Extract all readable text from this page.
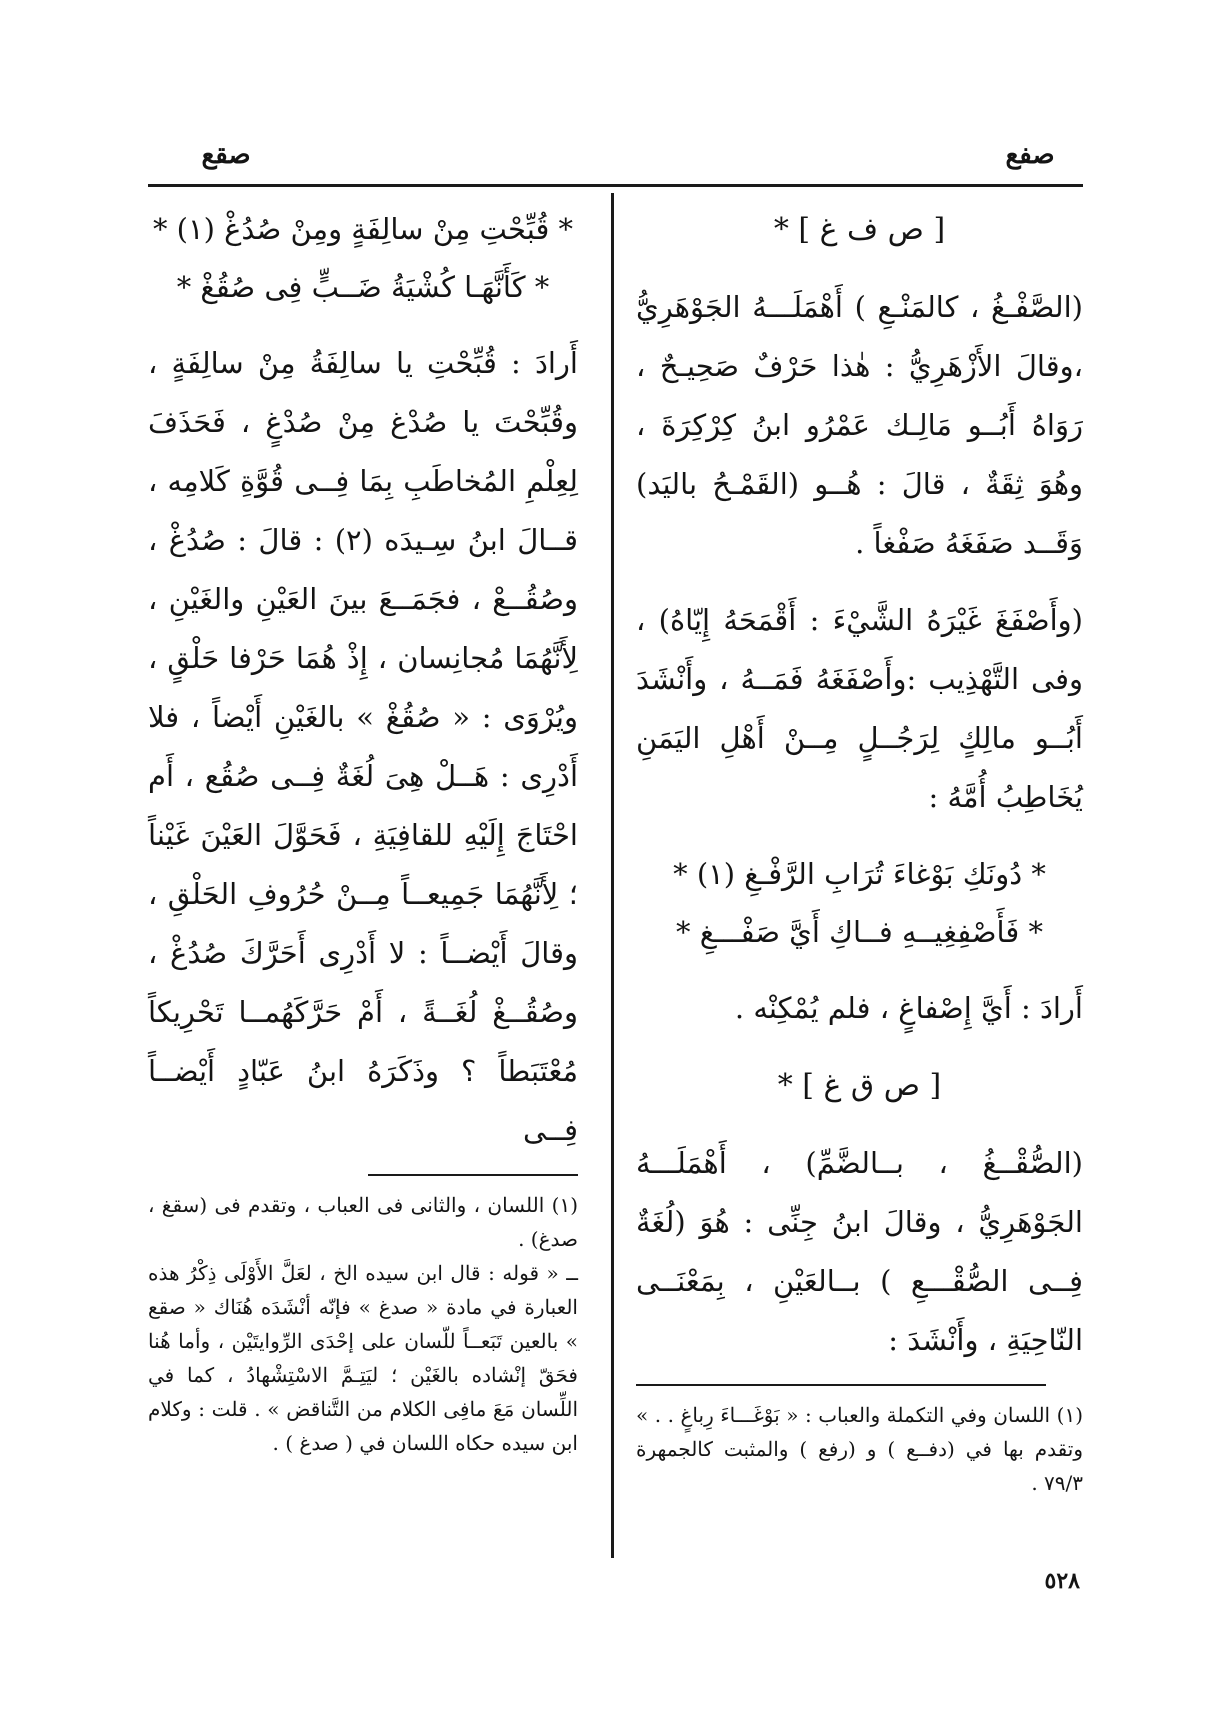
صفع
صقع

[ ص ف غ ] *

(الصَّفْـغُ ، كالمَنْـعِ ) أَهْمَلَـــهُ الجَوْهَرِيُّ ،وقالَ الأَزْهَرِيُّ : هٰذا حَرْفٌ صَحِيـحٌ ، رَوَاهُ أَبُــو مَالِـك عَمْرُو ابنُ كِرْكِرَةَ ، وهُوَ ثِقَةٌ ، قالَ : هُــو (القَمْـحُ باليَد) وَقَــد صَفَغَهُ صَفْغاً .

(وأَصْفَغَ غَيْرَهُ الشَّيْءَ : أَقْمَحَهُ إِيّاهُ) ، وفى التَّهْذِيب :وأَصْفَغَهُ فَمَــهُ ، وأَنْشَدَ أَبُــو مالِكٍ لِرَجُــلٍ مِــنْ أَهْلِ اليَمَنِ يُخَاطِبُ أُمَّهُ :

* دُونَكِ بَوْغاءَ تُرَابِ الرَّفْـغِ (١) *

* فَأَصْفِغِيــهِ فــاكِ أَيَّ صَفْـــغِ *

أَرادَ : أَيَّ إِصْفاغٍ ، فلم يُمْكِنْه .

[ ص ق غ ] *

(الصُّقْــغُ ، بــالضَّمِّ) ، أَهْمَلَـــهُ الجَوْهَرِيُّ ، وقالَ ابنُ جِنِّى : هُوَ (لُغَةٌ فِــى الصُّقْـــعِ ) بــالعَيْنِ ، بِمَعْنَــى النّاحِيَةِ ، وأَنْشَدَ :

(١) اللسان وفي التكملة والعباب : « بَوْغَـــاءَ رِباغٍ . . » وتقدم بها في (دفــع ) و (رفع ) والمثبت كالجمهرة ٧٩/٣ .

* قُبِّحْتِ مِنْ سالِفَةٍ ومِنْ صُدُغْ (١) *

* كَأَنَّهَـا كُشْيَةُ ضَــبٍّ فِى صُقُغْ *

أَرادَ : قُبِّحْتِ يا سالِفَةُ مِنْ سالِفَةٍ ، وقُبِّحْتَ يا صُدْغ مِنْ صُدْغٍ ، فَحَذَفَ لِعِلْمِ المُخاطَبِ بِمَا فِــى قُوَّةِ كَلامِه ، قــالَ ابنُ سِـيدَه (٢) : قالَ : صُدُغْ ، وصُقُــعْ ، فجَمَــعَ بينَ العَيْنِ والغَيْنِ ، لِأَنَّهُمَا مُجانِسان ، إِذْ هُمَا حَرْفا حَلْقٍ ، ويُرْوَى : « صُقُغْ » بالغَيْنِ أَيْضاً ، فلا أَدْرِى : هَــلْ هِىَ لُغَةٌ فِــى صُقُع ، أَم احْتَاجَ إِلَيْهِ للقافِيَةِ ، فَحَوَّلَ العَيْنَ غَيْناً ؛ لِأَنَّهُمَا جَمِيعــاً مِــنْ حُرُوفِ الحَلْقِ ، وقالَ أَيْضــاً : لا أَدْرِى أَحَرَّكَ صُدُغْ ، وصُقُــغْ لُغَــةً ، أَمْ حَرَّكَهُمــا تَحْرِيكاً مُعْتَبَطاً ؟ وذَكَرَهُ ابنُ عَبّادٍ أَيْضــاً فِــى

(١) اللسان ، والثانى فى العباب ، وتقدم فى (سقغ ، صدغ) .

ــ « قوله : قال ابن سيده الخ ، لعَلَّ الأَوْلَى ذِكْرُ هذه العبارة في مادة « صدغ » فإنّه أنْشَدَه هُنَاك « صقع » بالعين تَبَعــاً للّسان على إحْدَى الرِّوايتَيْن ، وأما هُنا فحَقّ إنْشاده بالغَيْن ؛ ليَتِـمَّ الاسْتِشْهادُ ، كما في اللِّسان مَعَ مافِى الكلام من التَّناقض » . قلت : وكلام ابن سيده حكاه اللسان في ( صدغ ) .

٥٢٨
